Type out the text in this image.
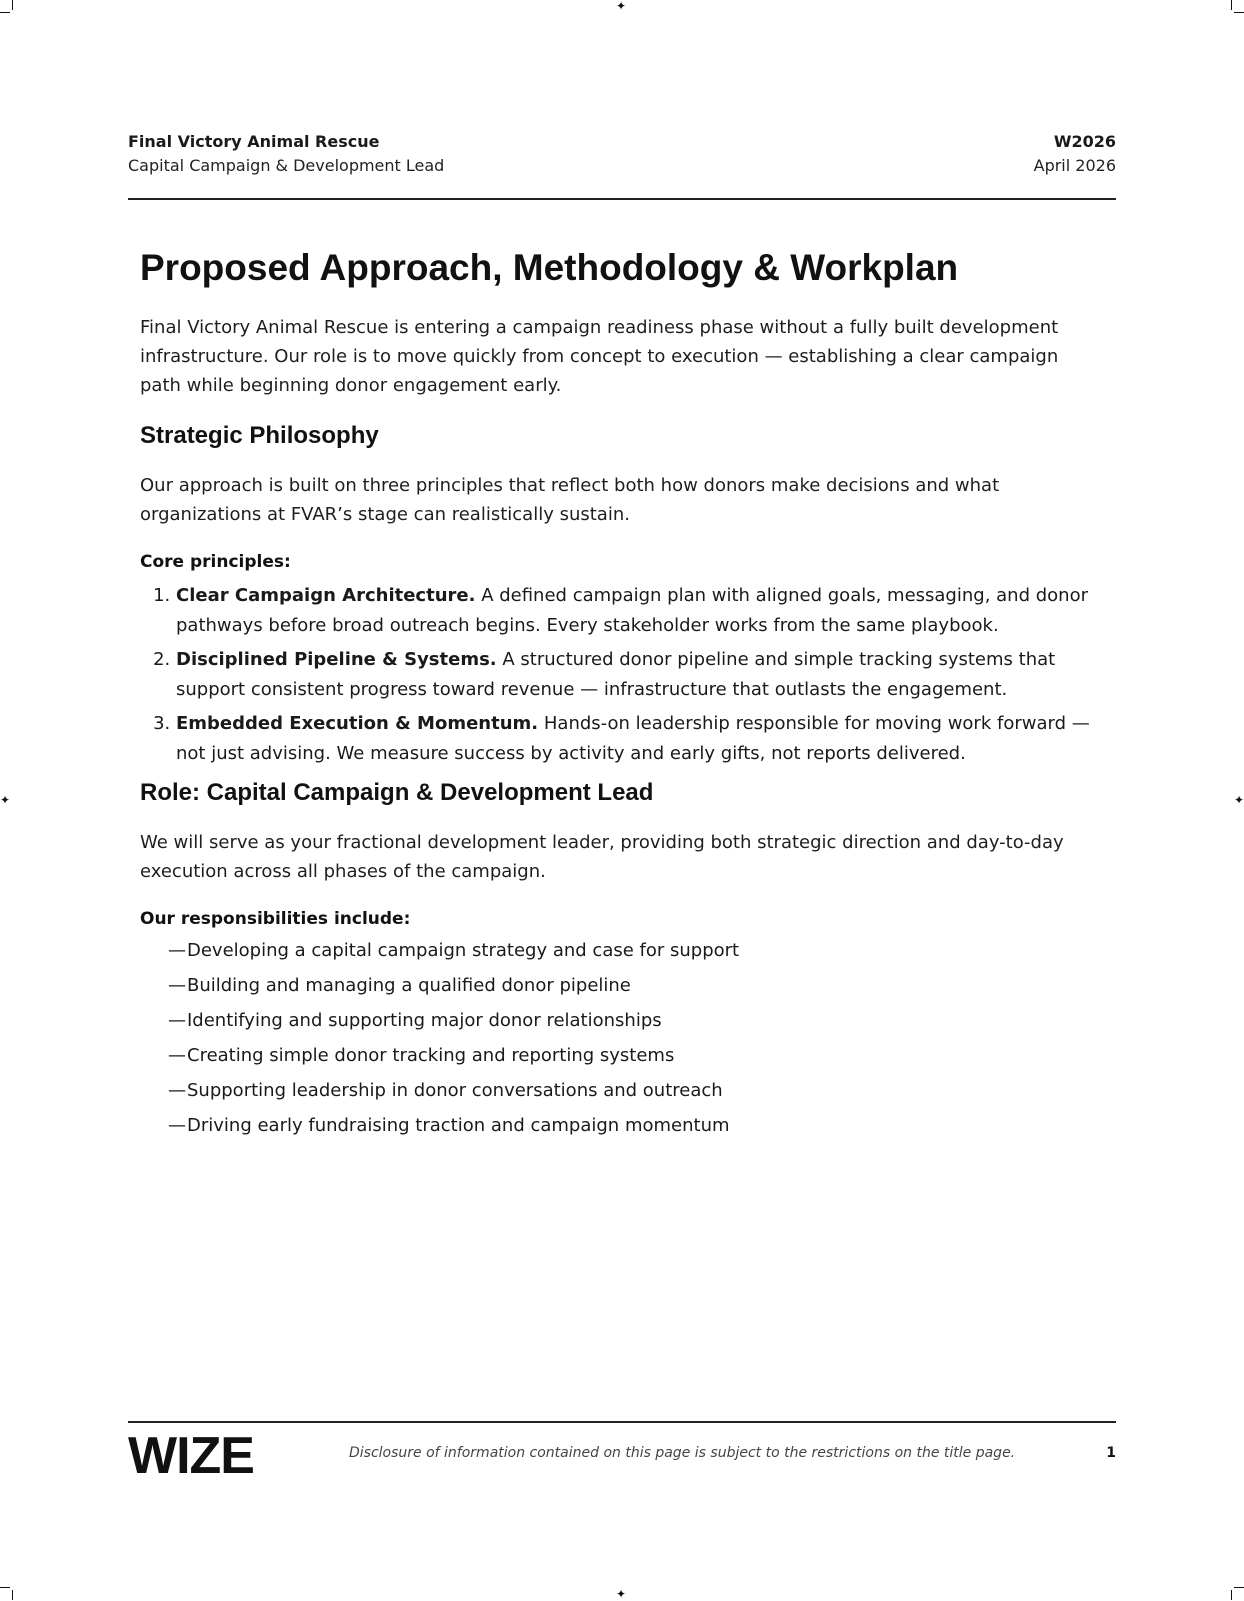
✦
✦
✦	✦
Final Victory Animal Rescue
Capital Campaign & Development Lead
W2026
April 2026
Proposed Approach, Methodology & Workplan

Final Victory Animal Rescue is entering a campaign readiness phase without a fully built development infrastructure. Our role is to move quickly from concept to execution — establishing a clear campaign path while beginning donor engagement early.

Strategic Philosophy

Our approach is built on three principles that reflect both how donors make decisions and what organizations at FVAR’s stage can realistically sustain.

Core principles:

1. Clear Campaign Architecture. A defined campaign plan with aligned goals, messaging, and donor pathways before broad outreach begins. Every stakeholder works from the same playbook.
2. Disciplined Pipeline & Systems. A structured donor pipeline and simple tracking systems that support consistent progress toward revenue — infrastructure that outlasts the engagement.
3. Embedded Execution & Momentum. Hands-on leadership responsible for moving work forward — not just advising. We measure success by activity and early gifts, not reports delivered.
Role: Capital Campaign & Development Lead

We will serve as your fractional development leader, providing both strategic direction and day-to-day execution across all phases of the campaign.

Our responsibilities include:

— Developing a capital campaign strategy and case for support
— Building and managing a qualified donor pipeline
— Identifying and supporting major donor relationships
— Creating simple donor tracking and reporting systems
— Supporting leadership in donor conversations and outreach
— Driving early fundraising traction and campaign momentum
WIZE	Disclosure of information contained on this page is subject to the restrictions on the title page.	1
